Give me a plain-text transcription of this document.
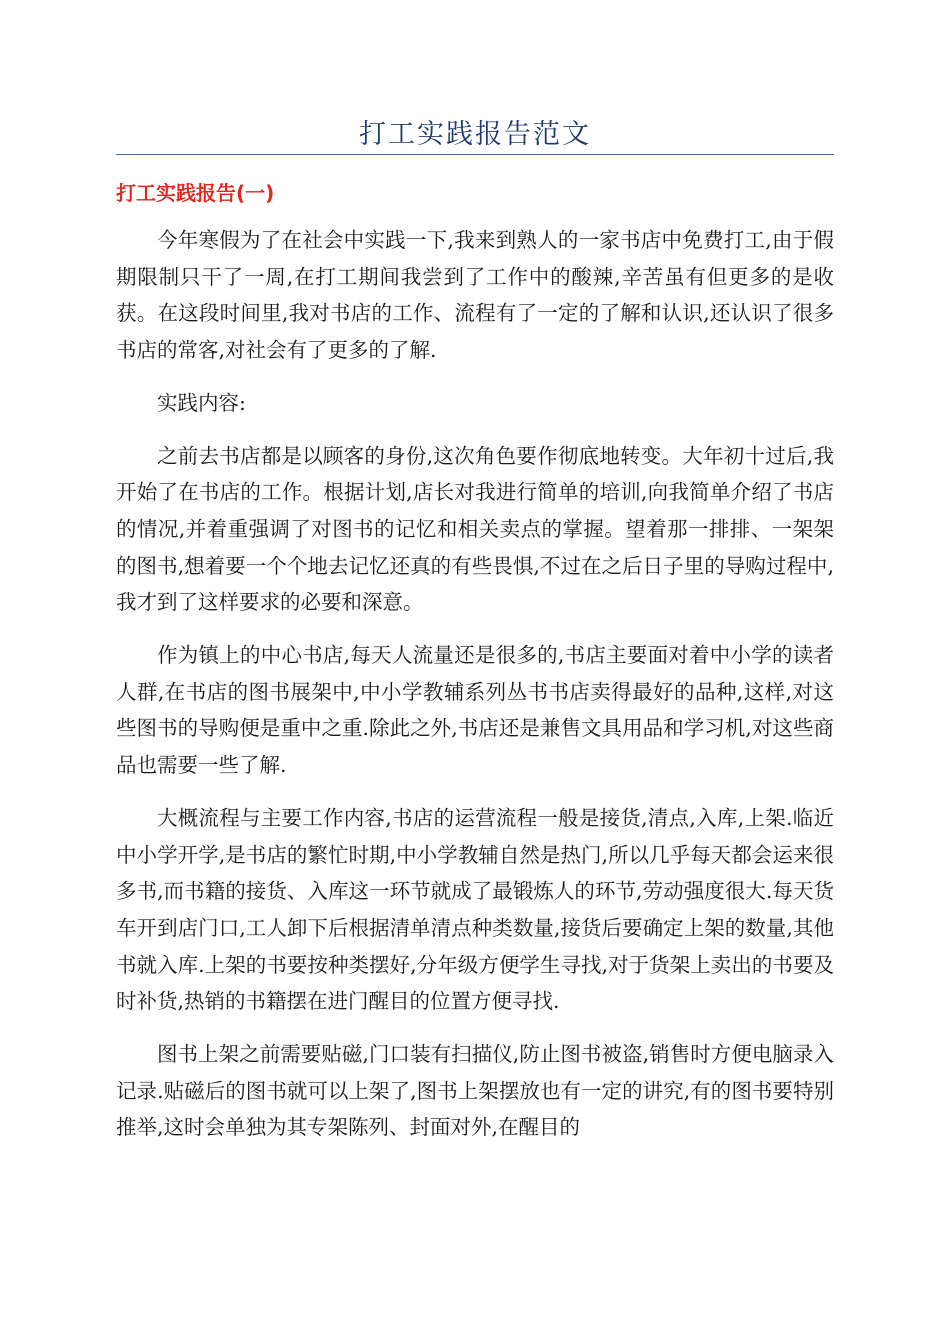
打工实践报告范文
打工实践报告(一)

今年寒假为了在社会中实践一下,我来到熟人的一家书店中免费打工,由于假期限制只干了一周,在打工期间我尝到了工作中的酸辣,辛苦虽有但更多的是收获。在这段时间里,我对书店的工作、流程有了一定的了解和认识,还认识了很多书店的常客,对社会有了更多的了解.

实践内容:

之前去书店都是以顾客的身份,这次角色要作彻底地转变。大年初十过后,我开始了在书店的工作。根据计划,店长对我进行简单的培训,向我简单介绍了书店的情况,并着重强调了对图书的记忆和相关卖点的掌握。望着那一排排、一架架的图书,想着要一个个地去记忆还真的有些畏惧,不过在之后日子里的导购过程中,我才到了这样要求的必要和深意。

作为镇上的中心书店,每天人流量还是很多的,书店主要面对着中小学的读者人群,在书店的图书展架中,中小学教辅系列丛书书店卖得最好的品种,这样,对这些图书的导购便是重中之重.除此之外,书店还是兼售文具用品和学习机,对这些商品也需要一些了解.

大概流程与主要工作内容,书店的运营流程一般是接货,清点,入库,上架.临近中小学开学,是书店的繁忙时期,中小学教辅自然是热门,所以几乎每天都会运来很多书,而书籍的接货、入库这一环节就成了最锻炼人的环节,劳动强度很大.每天货车开到店门口,工人卸下后根据清单清点种类数量,接货后要确定上架的数量,其他书就入库.上架的书要按种类摆好,分年级方便学生寻找,对于货架上卖出的书要及时补货,热销的书籍摆在进门醒目的位置方便寻找.

图书上架之前需要贴磁,门口装有扫描仪,防止图书被盗,销售时方便电脑录入记录.贴磁后的图书就可以上架了,图书上架摆放也有一定的讲究,有的图书要特别推举,这时会单独为其专架陈列、封面对外,在醒目的
